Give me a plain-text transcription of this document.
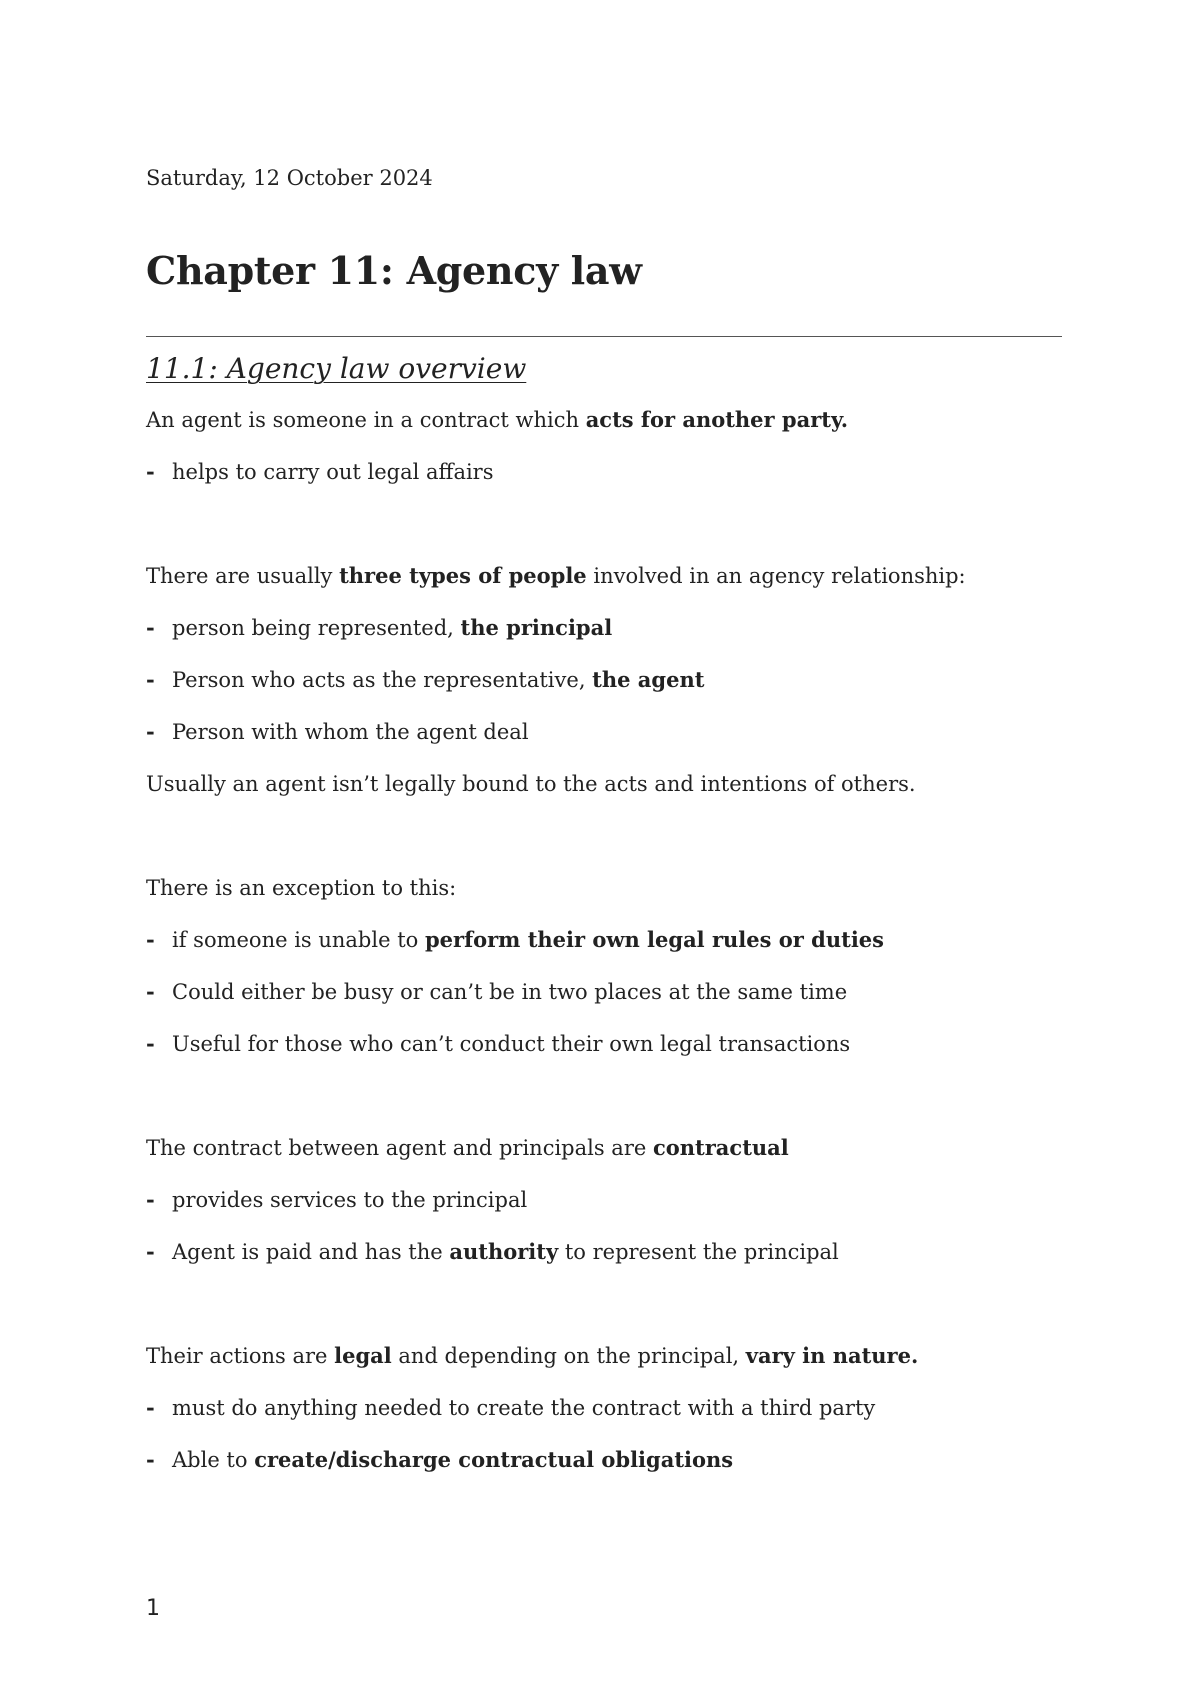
Saturday, 12 October 2024
Chapter 11: Agency law
11.1: Agency law overview
An agent is someone in a contract which acts for another party.
- helps to carry out legal affairs
There are usually three types of people involved in an agency relationship:
- person being represented, the principal
- Person who acts as the representative, the agent
- Person with whom the agent deal
Usually an agent isn’t legally bound to the acts and intentions of others.
There is an exception to this:
- if someone is unable to perform their own legal rules or duties
- Could either be busy or can’t be in two places at the same time
- Useful for those who can’t conduct their own legal transactions
The contract between agent and principals are contractual
- provides services to the principal
- Agent is paid and has the authority to represent the principal
Their actions are legal and depending on the principal, vary in nature.
- must do anything needed to create the contract with a third party
- Able to create/discharge contractual obligations
1
